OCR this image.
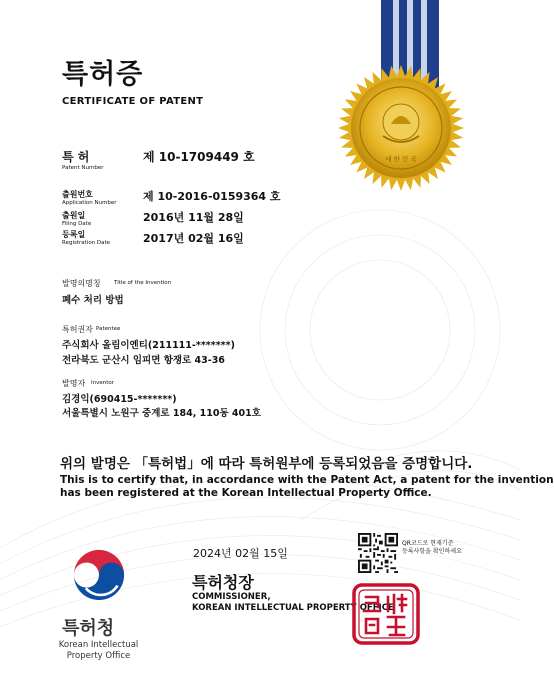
대 한 민 국
특허증
CERTIFICATE OF PATENT
특 허
Patent Number
제 10-1709449 호
출원번호
Application Number 제 10-2016-0159364 호
출원일
Filing Date	2016년 11월 28일
등록일
Registration Date	2017년 02월 16일
발명의명칭 Title of the Invention
폐수 처리 방법
특허권자 Patentee
주식회사 올림이엔티(211111-*******)
전라북도 군산시 임피면 항쟁로 43-36
발명자 Inventor
김경익(690415-*******)
서울특별시 노원구 중계로 184, 110동 401호
위의 발명은 「특허법」에 따라 특허원부에 등록되었음을 증명합니다.
This is to certify that, in accordance with the Patent Act, a patent for the invention
has been registered at the Korean Intellectual Property Office.
2024년 02월 15일
특허청장
COMMISSIONER,
KOREAN INTELLECTUAL PROPERTY OFFICE
QR코드로 현재기준
등록사항을 확인하세요
특허청
Korean Intellectual
Property Office
